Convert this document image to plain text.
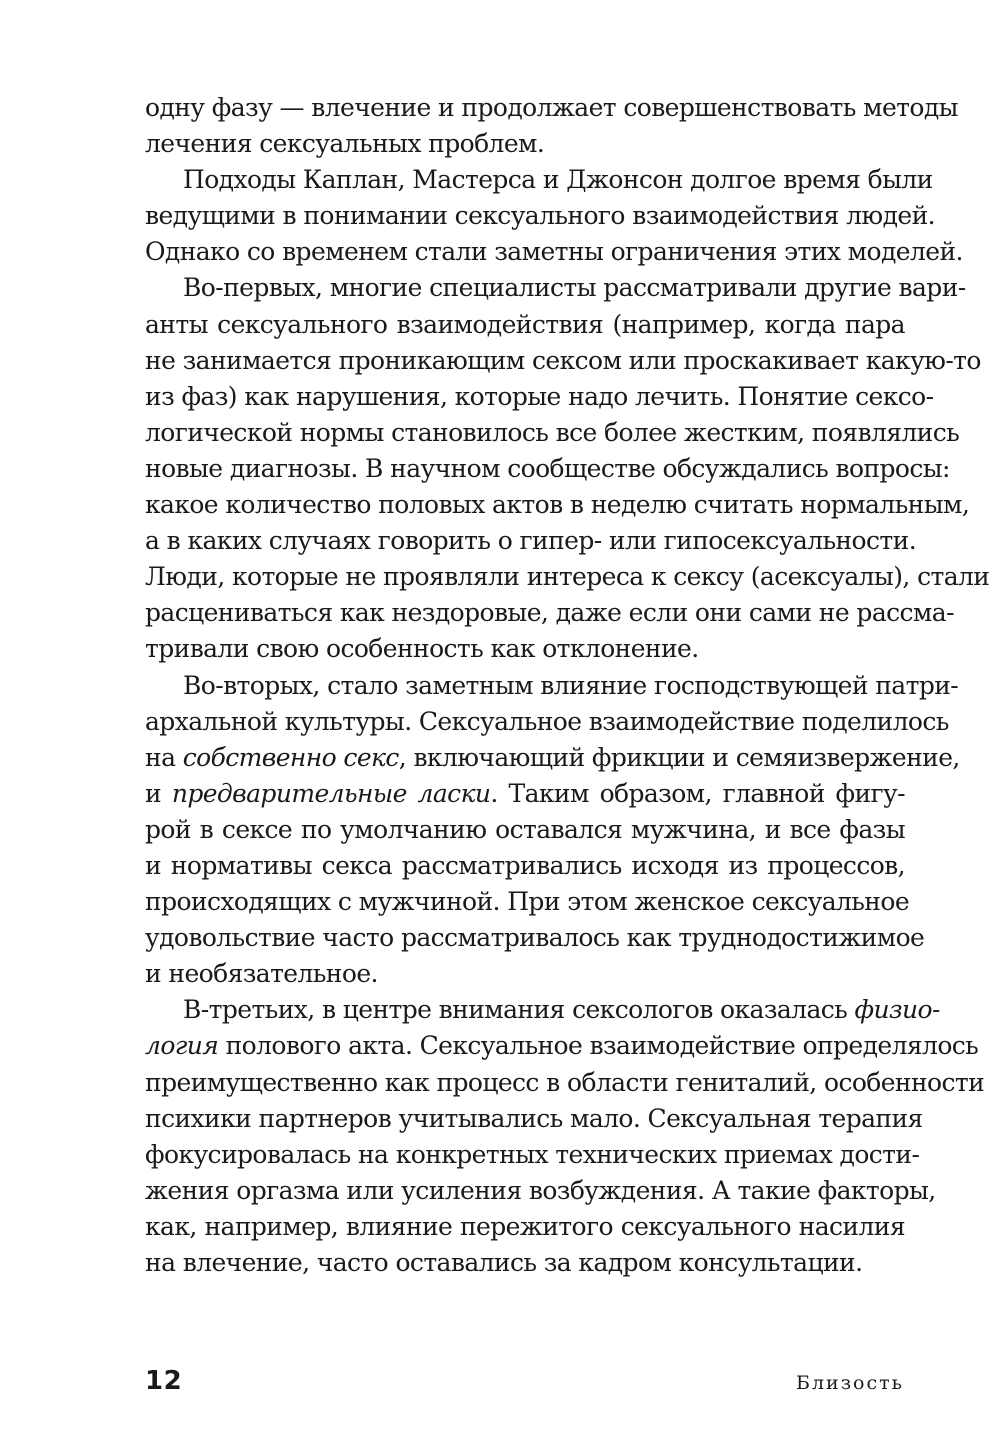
одну фазу — влечение и продолжает совершенствовать методы
лечения сексуальных проблем.
Подходы Каплан, Мастерса и Джонсон долгое время были
ведущими в понимании сексуального взаимодействия людей.
Однако со временем стали заметны ограничения этих моделей.
Во-первых, многие специалисты рассматривали другие вари-
анты сексуального взаимодействия (например, когда пара
не занимается проникающим сексом или проскакивает какую-то
из фаз) как нарушения, которые надо лечить. Понятие сексо-
логической нормы становилось все более жестким, появлялись
новые диагнозы. В научном сообществе обсуждались вопросы:
какое количество половых актов в неделю считать нормальным,
а в каких случаях говорить о гипер- или гипосексуальности.
Люди, которые не проявляли интереса к сексу (асексуалы), стали
расцениваться как нездоровые, даже если они сами не рассма-
тривали свою особенность как отклонение.
Во-вторых, стало заметным влияние господствующей патри-
архальной культуры. Сексуальное взаимодействие поделилось
на собственно секс, включающий фрикции и семяизвержение,
и предварительные ласки. Таким образом, главной фигу-
рой в сексе по умолчанию оставался мужчина, и все фазы
и нормативы секса рассматривались исходя из процессов,
происходящих с мужчиной. При этом женское сексуальное
удовольствие часто рассматривалось как труднодостижимое
и необязательное.
В-третьих, в центре внимания сексологов оказалась физио-
логия полового акта. Сексуальное взаимодействие определялось
преимущественно как процесс в области гениталий, особенности
психики партнеров учитывались мало. Сексуальная терапия
фокусировалась на конкретных технических приемах дости-
жения оргазма или усиления возбуждения. А такие факторы,
как, например, влияние пережитого сексуального насилия
на влечение, часто оставались за кадром консультации.
12	Близость
